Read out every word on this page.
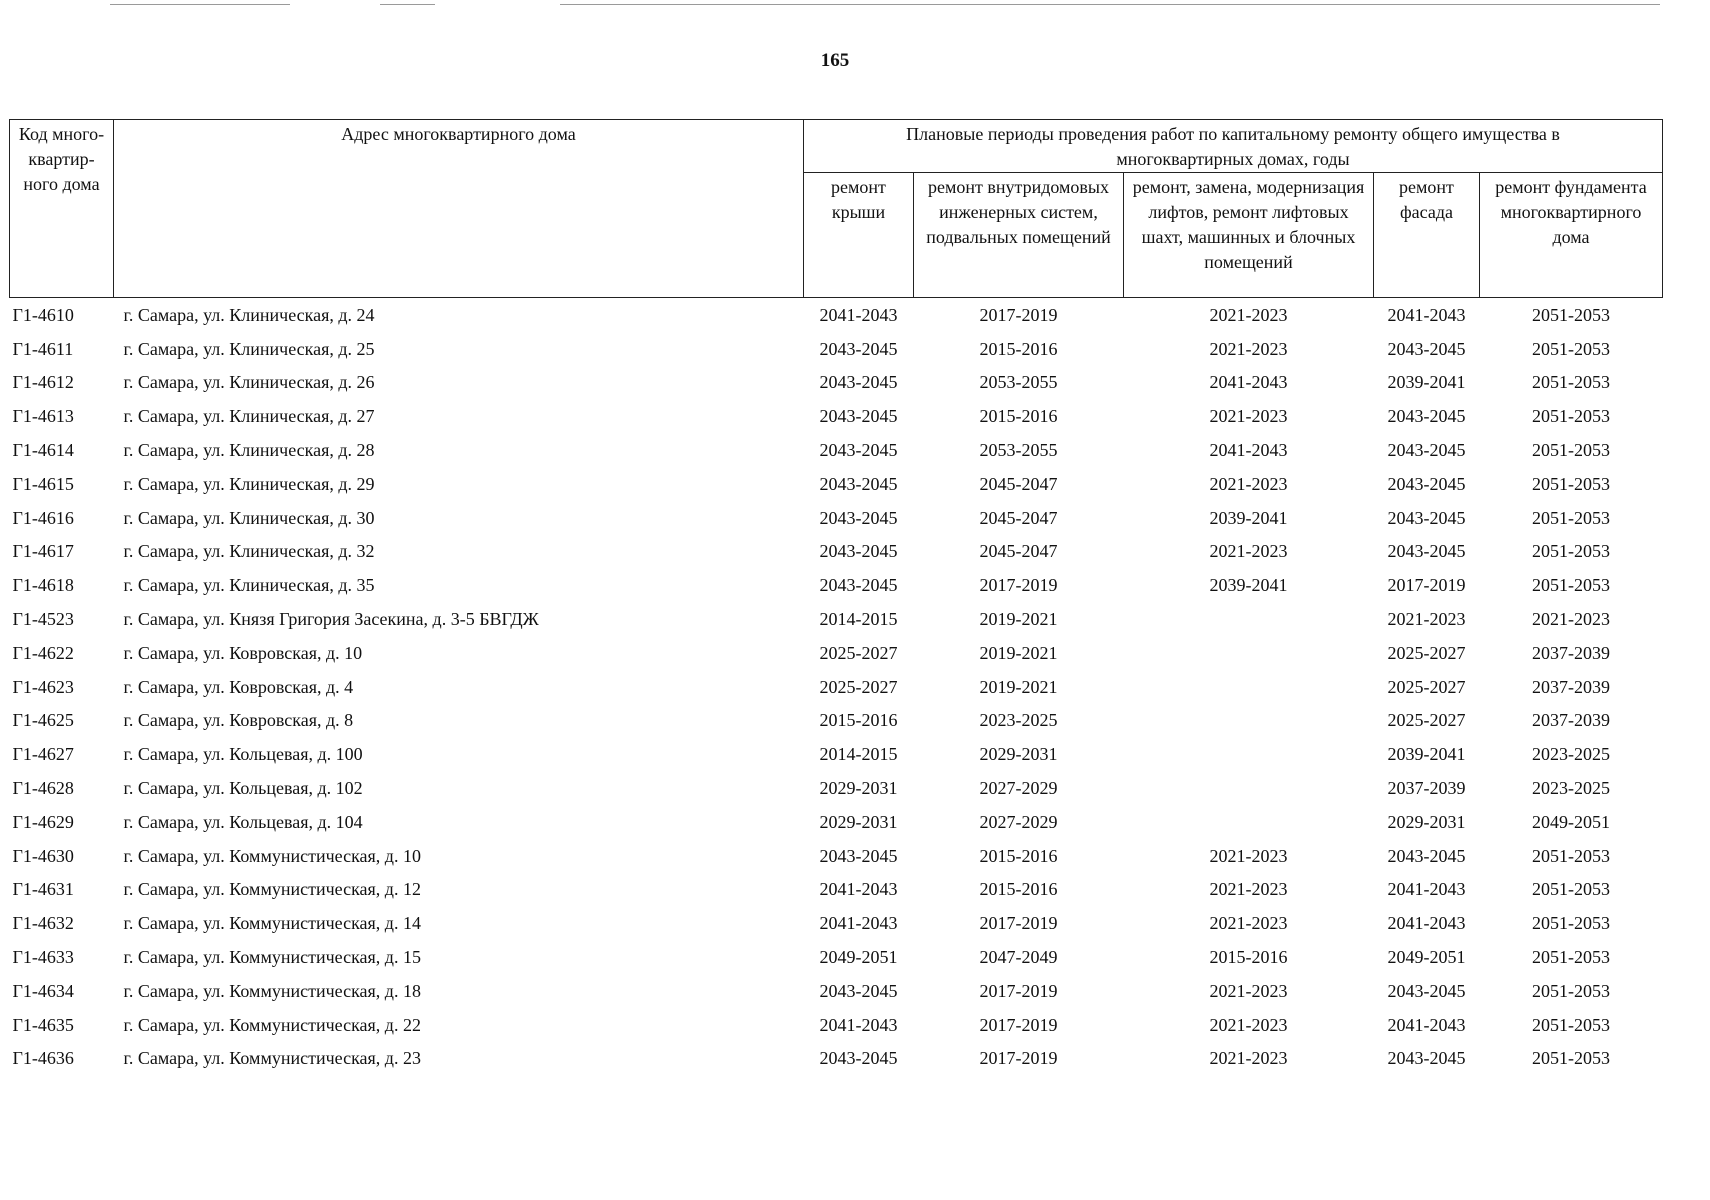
165
Код много-квартир-ного дома	Адрес многоквартирного дома	Плановые периоды проведения работ по капитальному ремонту общего имущества в многоквартирных домах, годы				
		ремонт крыши	ремонт внутридомовых инженерных систем, подвальных помещений	ремонт, замена, модернизация лифтов, ремонт лифтовых шахт, машинных и блочных помещений	ремонт фасада	ремонт фундамента многоквартирного дома
Г1-4610	г. Самара, ул. Клиническая, д. 24	2041-2043	2017-2019	2021-2023	2041-2043	2051-2053
Г1-4611	г. Самара, ул. Клиническая, д. 25	2043-2045	2015-2016	2021-2023	2043-2045	2051-2053
Г1-4612	г. Самара, ул. Клиническая, д. 26	2043-2045	2053-2055	2041-2043	2039-2041	2051-2053
Г1-4613	г. Самара, ул. Клиническая, д. 27	2043-2045	2015-2016	2021-2023	2043-2045	2051-2053
Г1-4614	г. Самара, ул. Клиническая, д. 28	2043-2045	2053-2055	2041-2043	2043-2045	2051-2053
Г1-4615	г. Самара, ул. Клиническая, д. 29	2043-2045	2045-2047	2021-2023	2043-2045	2051-2053
Г1-4616	г. Самара, ул. Клиническая, д. 30	2043-2045	2045-2047	2039-2041	2043-2045	2051-2053
Г1-4617	г. Самара, ул. Клиническая, д. 32	2043-2045	2045-2047	2021-2023	2043-2045	2051-2053
Г1-4618	г. Самара, ул. Клиническая, д. 35	2043-2045	2017-2019	2039-2041	2017-2019	2051-2053
Г1-4523	г. Самара, ул. Князя Григория Засекина, д. 3-5 БВГДЖ	2014-2015	2019-2021		2021-2023	2021-2023
Г1-4622	г. Самара, ул. Ковровская, д. 10	2025-2027	2019-2021		2025-2027	2037-2039
Г1-4623	г. Самара, ул. Ковровская, д. 4	2025-2027	2019-2021		2025-2027	2037-2039
Г1-4625	г. Самара, ул. Ковровская, д. 8	2015-2016	2023-2025		2025-2027	2037-2039
Г1-4627	г. Самара, ул. Кольцевая, д. 100	2014-2015	2029-2031		2039-2041	2023-2025
Г1-4628	г. Самара, ул. Кольцевая, д. 102	2029-2031	2027-2029		2037-2039	2023-2025
Г1-4629	г. Самара, ул. Кольцевая, д. 104	2029-2031	2027-2029		2029-2031	2049-2051
Г1-4630	г. Самара, ул. Коммунистическая, д. 10	2043-2045	2015-2016	2021-2023	2043-2045	2051-2053
Г1-4631	г. Самара, ул. Коммунистическая, д. 12	2041-2043	2015-2016	2021-2023	2041-2043	2051-2053
Г1-4632	г. Самара, ул. Коммунистическая, д. 14	2041-2043	2017-2019	2021-2023	2041-2043	2051-2053
Г1-4633	г. Самара, ул. Коммунистическая, д. 15	2049-2051	2047-2049	2015-2016	2049-2051	2051-2053
Г1-4634	г. Самара, ул. Коммунистическая, д. 18	2043-2045	2017-2019	2021-2023	2043-2045	2051-2053
Г1-4635	г. Самара, ул. Коммунистическая, д. 22	2041-2043	2017-2019	2021-2023	2041-2043	2051-2053
Г1-4636	г. Самара, ул. Коммунистическая, д. 23	2043-2045	2017-2019	2021-2023	2043-2045	2051-2053
